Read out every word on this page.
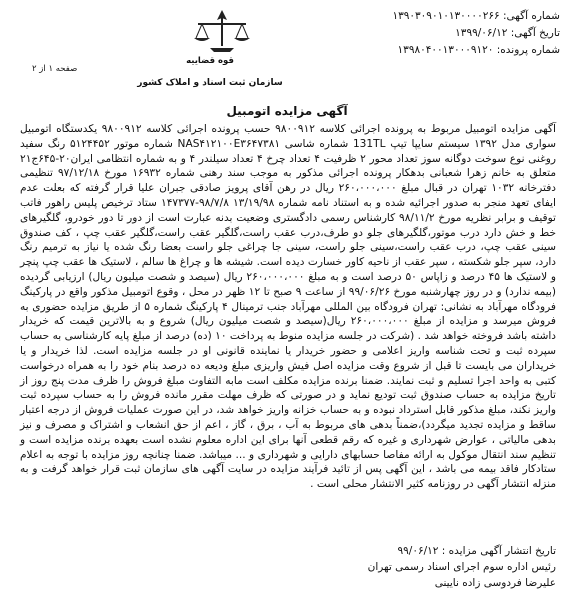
شماره آگهی: ۱۳۹۰۳۰۹۰۱۰۱۳۰۰۰۰۲۶۶
تاریخ آگهی: ۱۳۹۹/۰۶/۱۲
شماره پرونده: ۱۳۹۸۰۴۰۰۱۳۰۰۰۹۱۲۰
قوه قضاییه
سازمان ثبت اسناد و املاک کشور
صفحه ۱ از ۲
آگهی مزایده اتومبیل
آگهی مزایده اتومبیل مربوط به پرونده اجرائی کلاسه ۹۸۰۰۹۱۲ حسب پرونده اجرائی کلاسه ۹۸۰۰۹۱۲ یکدستگاه اتومبیل سواری مدل ۱۳۹۲ سیستم سایپا تیپ 131TL شماره شاسی NAS۴۱۲۱۰۰E۳۶۴۷۳۸۱ شماره موتور ۵۱۲۴۴۵۲ رنگ سفید روغنی نوع سوخت دوگانه سوز تعداد محور ۲ ظرفیت ۴ تعداد چرخ ۴ تعداد سیلندر ۴ و به شماره انتظامی ایران۲۰-۶۴۵ج۲۱ متعلق به خانم زهرا شعبانی بدهکار پرونده اجرائی مذکور به موجب سند رهنی شماره ۱۶۹۳۲ مورخ ۹۷/۱۲/۱۸ تنظیمی دفترخانه ۱۰۳۲ تهران در قبال مبلغ ۲۶۰،۰۰۰،۰۰۰ ریال در رهن آقای پرویز صادقی جبران علیا قرار گرفته که بعلت عدم ایفای تعهد منجر به صدور اجرائیه شده و به استناد نامه شماره ۱۳/۱۹/۹۸ ۹۸/۷/۸-۱۴۷۳۷۷ ستاد ترخیص پلیس راهور فاتب توقیف و برابر نظریه مورخ ۹۸/۱۱/۲ کارشناس رسمی دادگستری وضعیت بدنه عبارت است از دور تا دور خودرو، گلگیرهای خط و خش دارد درب موتور،گلگیرهای جلو دو طرف،درب عقب راست،گلگیر عقب راست،گلگیر عقب چپ ، کف صندوق سینی عقب چپ، درب عقب راست،سینی جلو راست، سینی جا چراغی جلو راست بعضا رنگ شده یا نیاز به ترمیم رنگ دارد، سپر جلو شکسته ، سپر عقب از ناحیه کاور خسارت دیده است. شیشه ها و چراغ ها سالم ، لاستیک ها عقب چپ پنچر و لاستیک ها ۴۵ درصد و زاپاس ۵۰ درصد است و به مبلغ ۲۶۰،۰۰۰،۰۰۰ ریال (سیصد و شصت میلیون ریال) ارزیابی گردیده (بیمه ندارد) و در روز چهارشنبه مورخ ۹۹/۰۶/۲۶ از ساعت ۹ صبح تا ۱۲ ظهر در محل ، وقوع اتومبیل مذکور واقع در پارکینگ فرودگاه مهرآباد به نشانی: تهران فرودگاه بین المللی مهرآباد جنب ترمینال ۴ پارکینگ شماره ۵ از طریق مزایده حضوری به فروش میرسد و مزایده از مبلغ ۲۶۰،۰۰۰،۰۰۰ ریال(سیصد و شصت میلیون ریال) شروع و به بالاترین قیمت که خریدار داشته باشد فروخته خواهد شد . (شرکت در جلسه مزایده منوط به پرداخت ۱۰ (ده) درصد از مبلغ پایه کارشناسی به حساب سپرده ثبت و تحت شناسه واریز اعلامی و حضور خریدار یا نماینده قانونی او در جلسه مزایده است. لذا خریدار و یا خریداران می بایست تا قبل از شروع وقت مزایده اصل فیش واریزی مبلغ ودیعه ده درصد بنام خود را به همراه درخواست کتبی به واحد اجرا تسلیم و ثبت نمایند. ضمنا برنده مزایده مکلف است مابه التفاوت مبلغ فروش را ظرف مدت پنج روز از تاریخ مزایده به حساب صندوق ثبت تودیع نماید و در صورتی که ظرف مهلت مقرر مانده فروش را به حساب سپرده ثبت واریز نکند، مبلغ مذکور قابل استرداد نبوده و به حساب خزانه واریز خواهد شد، در این صورت عملیات فروش از درجه اعتبار ساقط و مزایده تجدید میگردد)،ضمناً بدهی های مربوط به آب ، برق ، گاز ، اعم از حق انشعاب و اشتراک و مصرف و نیز بدهی مالیاتی ، عوارض شهرداری و غیره که رقم قطعی آنها برای این اداره معلوم نشده است بعهده برنده مزایده است و تنظیم سند انتقال موکول به ارائه مفاصا حسابهای دارایی و شهرداری و ... میباشد. ضمنا چنانچه روز مزایده با توجه به اعلام ستادکار فاقد بیمه می باشد ، این آگهی پس از تائید فرآیند مزایده در سایت آگهی های سازمان ثبت قرار خواهد گرفت و به منزله انتشار آگهی در روزنامه کثیر الانتشار محلی است .
تاریخ انتشار آگهی مزایده : ۹۹/۰۶/۱۲
رئیس اداره سوم اجرای اسناد رسمی تهران
علیرضا فردوسی زاده نایینی
